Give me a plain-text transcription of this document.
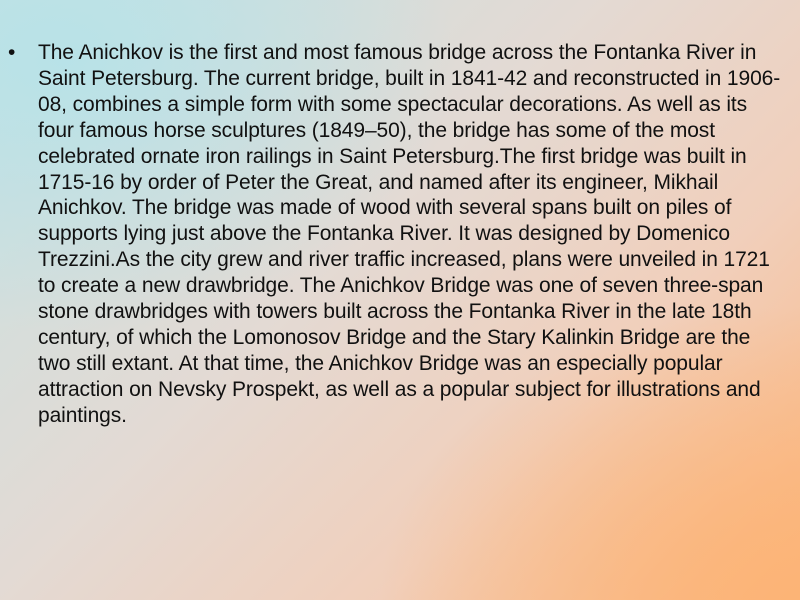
•	The Anichkov is the first and most famous bridge across the Fontanka River in Saint Petersburg. The current bridge, built in 1841-42 and reconstructed in 1906-08, combines a simple form with some spectacular decorations. As well as its four famous horse sculptures (1849–50), the bridge has some of the most celebrated ornate iron railings in Saint Petersburg.The first bridge was built in 1715-16 by order of Peter the Great, and named after its engineer, Mikhail Anichkov. The bridge was made of wood with several spans built on piles of supports lying just above the Fontanka River. It was designed by Domenico Trezzini.As the city grew and river traffic increased, plans were unveiled in 1721 to create a new drawbridge. The Anichkov Bridge was one of seven three-span stone drawbridges with towers built across the Fontanka River in the late 18th century, of which the Lomonosov Bridge and the Stary Kalinkin Bridge are the two still extant. At that time, the Anichkov Bridge was an especially popular attraction on Nevsky Prospekt, as well as a popular subject for illustrations and paintings.
